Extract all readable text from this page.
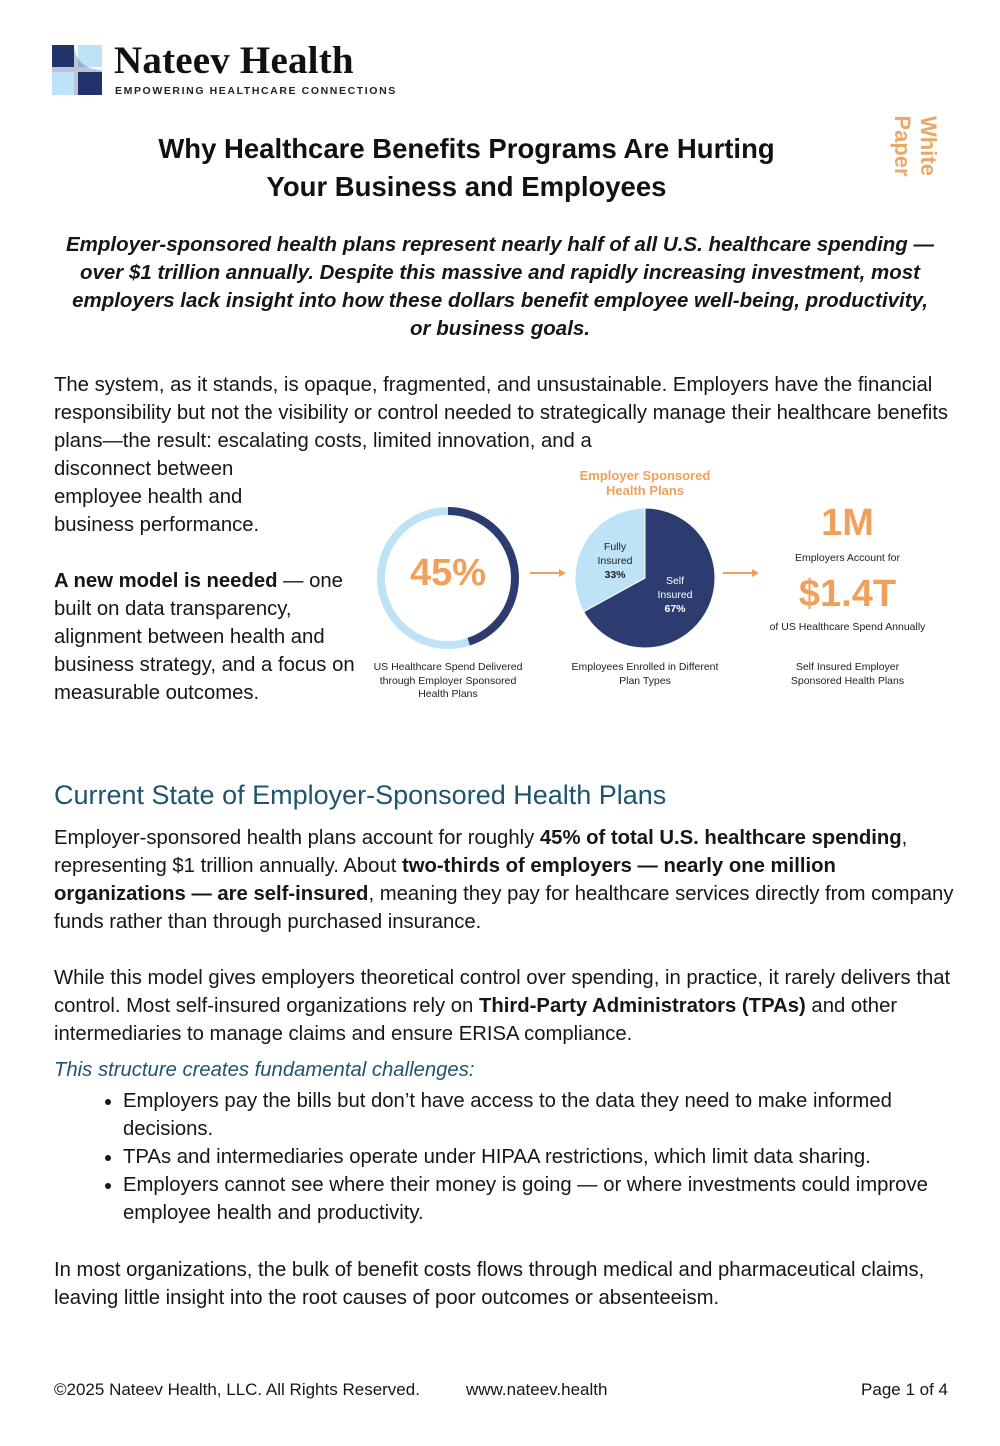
Nateev Health
EMPOWERING HEALTHCARE CONNECTIONS
White Paper
Why Healthcare Benefits Programs Are Hurting
Your Business and Employees
Employer-sponsored health plans represent nearly half of all U.S. healthcare spending — over $1 trillion annually. Despite this massive and rapidly increasing investment, most employers lack insight into how these dollars benefit employee well-being, productivity, or business goals.
The system, as it stands, is opaque, fragmented, and unsustainable. Employers have the financial responsibility but not the visibility or control needed to strategically manage their healthcare benefits plans—the result: escalating costs, limited innovation, and a
disconnect between employee health and business performance.
A new model is needed — one built on data transparency, alignment between health and business strategy, and a focus on measurable outcomes.
45%
US Healthcare Spend Delivered through Employer Sponsored Health Plans
Employer Sponsored Health Plans
Fully
Insured
33%	Self
Insured
67%
Employees Enrolled in Different Plan Types
1M
Employers Account for
$1.4T
of US Healthcare Spend Annually
Self Insured Employer Sponsored Health Plans
Current State of Employer-Sponsored Health Plans
Employer-sponsored health plans account for roughly 45% of total U.S. healthcare spending, representing $1 trillion annually. About two-thirds of employers — nearly one million organizations — are self-insured, meaning they pay for healthcare services directly from company funds rather than through purchased insurance.
While this model gives employers theoretical control over spending, in practice, it rarely delivers that control. Most self-insured organizations rely on Third-Party Administrators (TPAs) and other intermediaries to manage claims and ensure ERISA compliance.
This structure creates fundamental challenges:
• Employers pay the bills but don’t have access to the data they need to make informed decisions.
• TPAs and intermediaries operate under HIPAA restrictions, which limit data sharing.
• Employers cannot see where their money is going — or where investments could improve employee health and productivity.
In most organizations, the bulk of benefit costs flows through medical and pharmaceutical claims, leaving little insight into the root causes of poor outcomes or absenteeism.
©2025 Nateev Health, LLC. All Rights Reserved.	www.nateev.health	Page 1 of 4
